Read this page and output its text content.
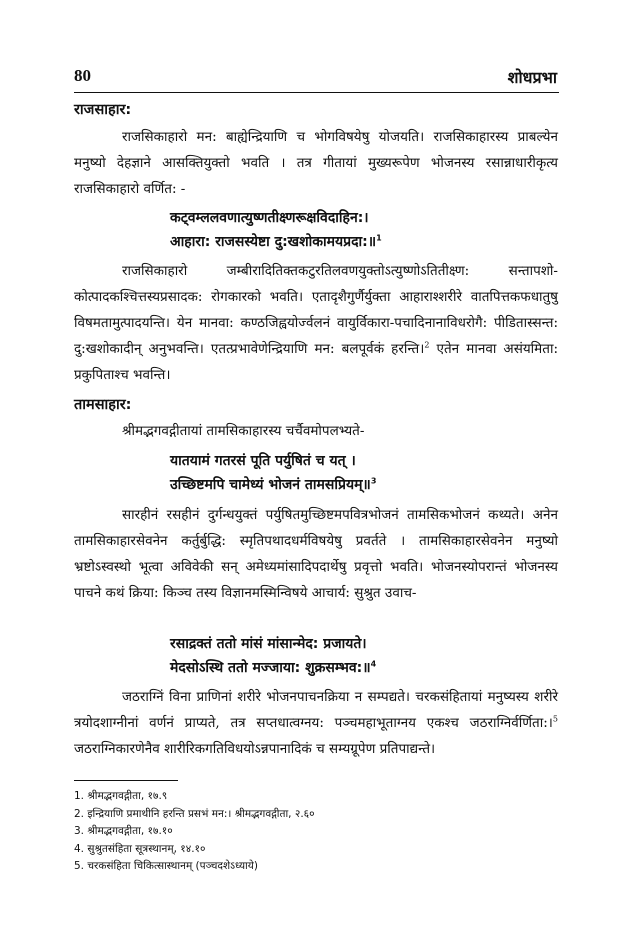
80	शोधप्रभा
राजसाहार:

राजसिकाहारो मन: बाह्येन्द्रियाणि च भोगविषयेषु योजयति। राजसिकाहारस्य प्राबल्येन मनुष्यो देहज्ञाने आसक्तियुक्तो भवति । तत्र गीतायां मुख्यरूपेण भोजनस्य रसान्नाधारीकृत्य राजसिकाहारो वर्णित: -

कट्वम्ललवणात्युष्णतीक्ष्णरूक्षविदाहिन:।
आहारा: राजसस्येष्टा दु:खशोकामयप्रदा:॥$^1$

राजसिकाहारो जम्बीरादितिक्तकटुरतिलवणयुक्तोऽत्युष्णोऽतितीक्ष्ण: सन्तापशो-कोत्पादकश्चित्तस्यप्रसादक: रोगकारको भवति। एतादृशैगुर्णैर्युक्ता आहाराश्शरीरे वातपित्तकफधातुषु विषमतामुत्पादयन्ति। येन मानवा: कण्ठजिह्वयोर्ज्वलनं वायुर्विकारा-पचादिनानाविधरोगै: पीडितास्सन्त: दु:खशोकादीन् अनुभवन्ति। एतत्प्रभावेणेन्द्रियाणि मन: बलपूर्वकं हरन्ति।$^2$ एतेन मानवा असंयमिता: प्रकुपिताश्च भवन्ति।

तामसाहार:

श्रीमद्भगवद्गीतायां तामसिकाहारस्य चर्चैवमोपलभ्यते-

यातयामं गतरसं पूति पर्युषितं च यत् ।
उच्छिष्टमपि चामेध्यं भोजनं तामसप्रियम्॥$^3$

सारहीनं रसहीनं दुर्गन्धयुक्तं पर्युषितमुच्छिष्टमपवित्रभोजनं तामसिकभोजनं कथ्यते। अनेन तामसिकाहारसेवनेन कर्तुर्बुद्धि: स्मृतिपथादधर्मविषयेषु प्रवर्तते । तामसिकाहारसेवनेन मनुष्यो भ्रष्टोऽस्वस्थो भूत्वा अविवेकी सन् अमेध्यमांसादिपदार्थेषु प्रवृत्तो भवति। भोजनस्योपरान्तं भोजनस्य पाचने कथं क्रिया: किञ्च तस्य विज्ञानमस्मिन्विषये आचार्य: सुश्रुत उवाच-

रसाद्रक्तं ततो मांसं मांसान्मेद: प्रजायते।
मेदसोऽस्थि ततो मज्जाया: शुक्रसम्भव:॥$^4$

जठराग्निं विना प्राणिनां शरीरे भोजनपाचनक्रिया न सम्पद्यते। चरकसंहितायां मनुष्यस्य शरीरे त्रयोदशाग्नीनां वर्णनं प्राप्यते, तत्र सप्तधात्वग्नय: पञ्चमहाभूताग्नय एकश्च जठराग्निर्वर्णिता:।$^5$ जठराग्निकारणेनैव शारीरिकगतिविधयोऽन्नपानादिकं च सम्यग्रूपेण प्रतिपाद्यन्ते।

1. श्रीमद्भगवद्गीता, १७.९
2. इन्द्रियाणि प्रमाथीनि हरन्ति प्रसभं मन:। श्रीमद्भगवद्गीता, २.६०
3. श्रीमद्भगवद्गीता, १७.१०
4. सुश्रुतसंहिता सूत्रस्थानम्, १४.१०
5. चरकसंहिता चिकित्सास्थानम् (पञ्चदशेऽध्याये)
